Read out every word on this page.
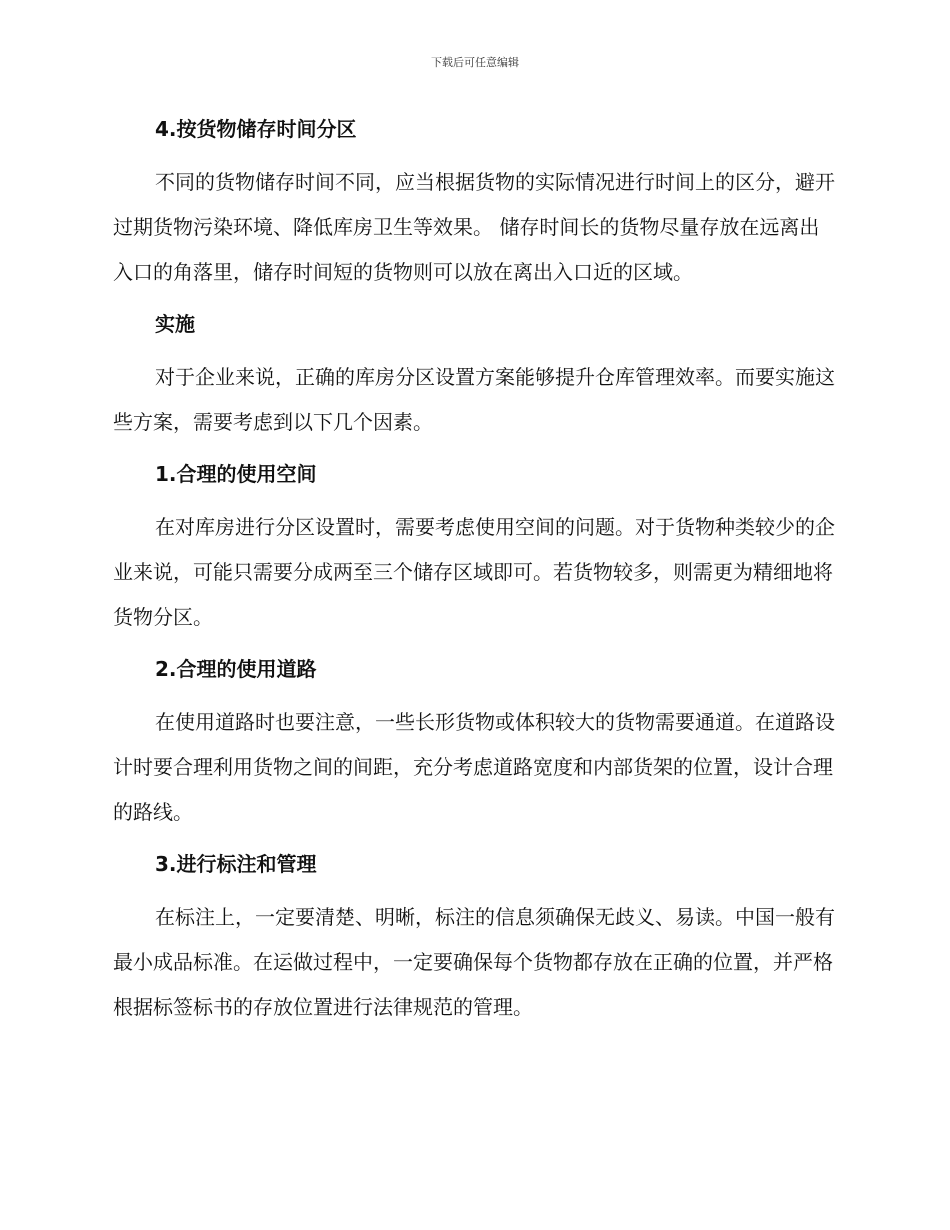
下载后可任意编辑

4.按货物储存时间分区

不同的货物储存时间不同，应当根据货物的实际情况进行时间上的区分，避开过期货物污染环境、降低库房卫生等效果。 储存时间长的货物尽量存放在远离出入口的角落里，储存时间短的货物则可以放在离出入口近的区域。

实施

对于企业来说，正确的库房分区设置方案能够提升仓库管理效率。而要实施这些方案，需要考虑到以下几个因素。

1.合理的使用空间

在对库房进行分区设置时，需要考虑使用空间的问题。对于货物种类较少的企业来说，可能只需要分成两至三个储存区域即可。若货物较多，则需更为精细地将货物分区。

2.合理的使用道路

在使用道路时也要注意，一些长形货物或体积较大的货物需要通道。在道路设计时要合理利用货物之间的间距，充分考虑道路宽度和内部货架的位置，设计合理的路线。

3.进行标注和管理

在标注上，一定要清楚、明晰，标注的信息须确保无歧义、易读。中国一般有最小成品标准。在运做过程中，一定要确保每个货物都存放在正确的位置，并严格根据标签标书的存放位置进行法律规范的管理。
